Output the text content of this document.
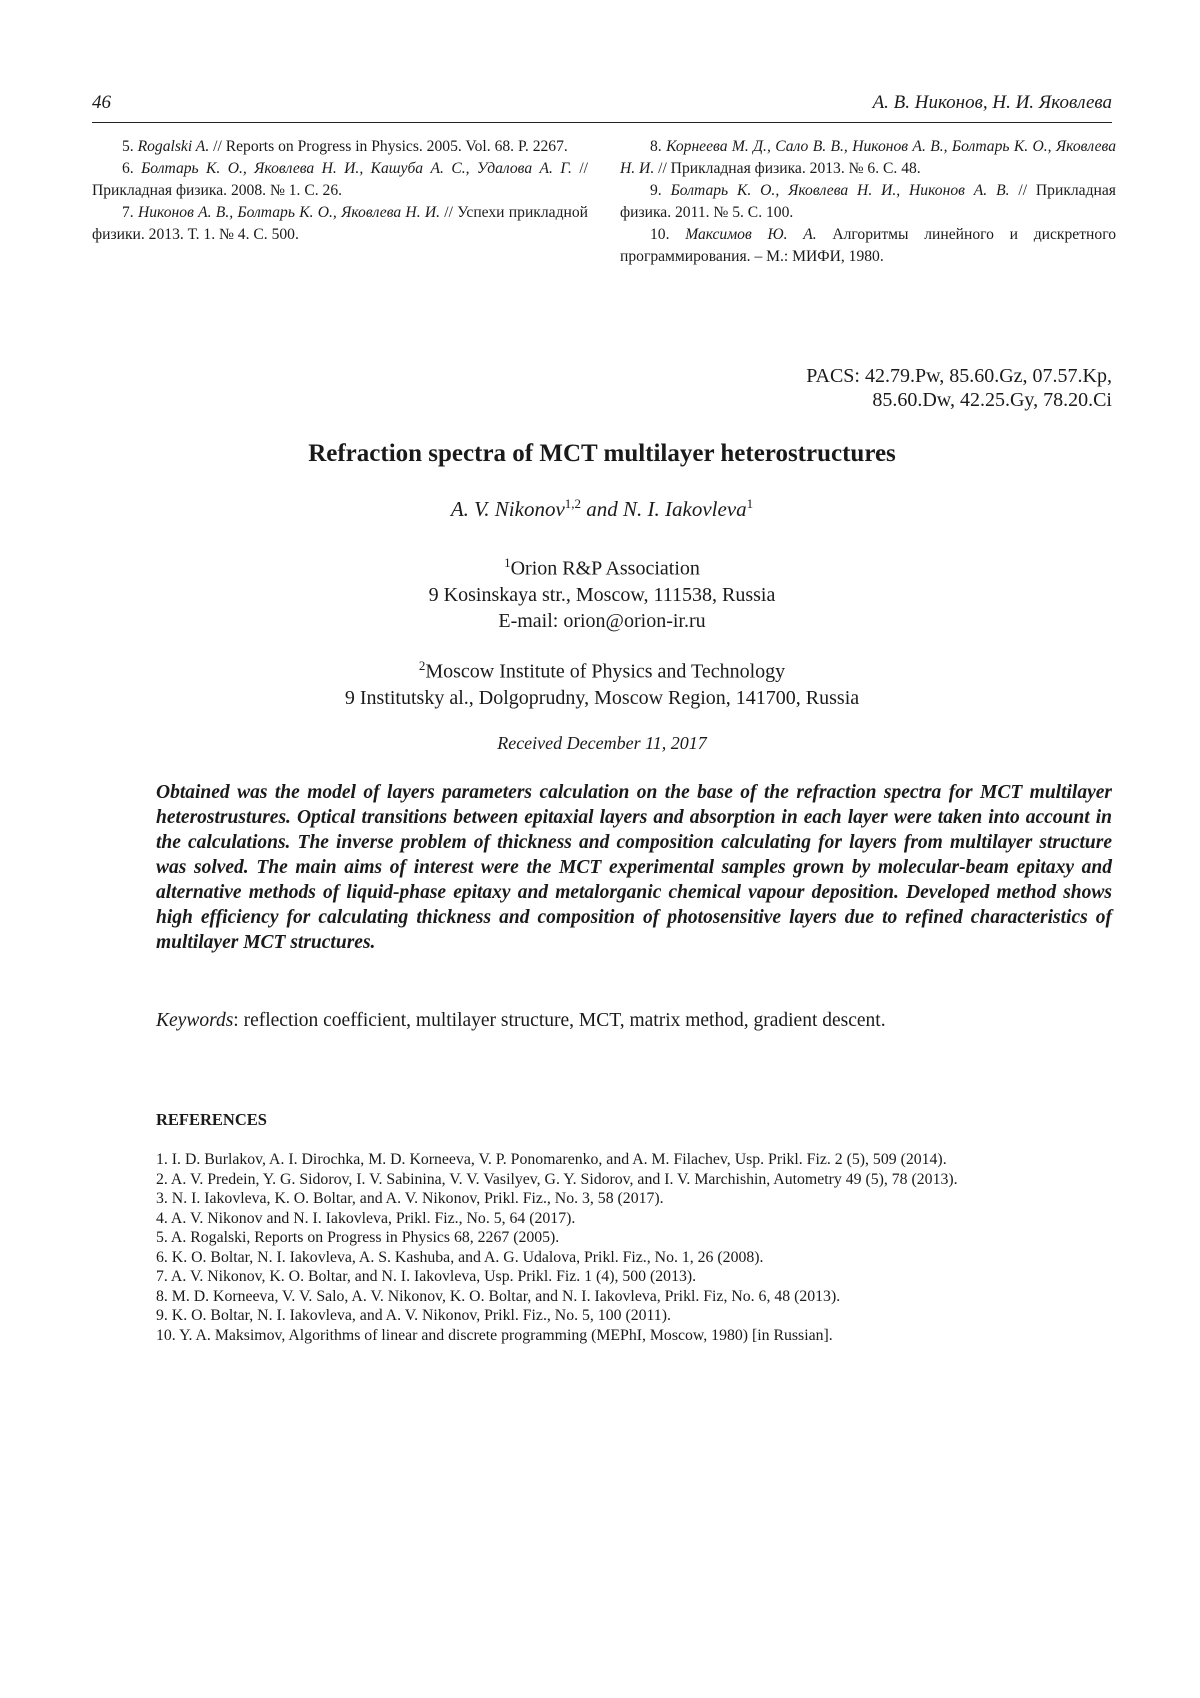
46	А. В. Никонов, Н. И. Яковлева

5. Rogalski A. // Reports on Progress in Physics. 2005. Vol. 68. P. 2267.

6. Болтарь К. О., Яковлева Н. И., Кашуба А. С., Удалова А. Г. // Прикладная физика. 2008. № 1. С. 26.

7. Никонов А. В., Болтарь К. О., Яковлева Н. И. // Успехи прикладной физики. 2013. Т. 1. № 4. С. 500.

8. Корнеева М. Д., Сало В. В., Никонов А. В., Болтарь К. О., Яковлева Н. И. // Прикладная физика. 2013. № 6. С. 48.

9. Болтарь К. О., Яковлева Н. И., Никонов А. В. // Прикладная физика. 2011. № 5. С. 100.

10. Максимов Ю. А. Алгоритмы линейного и дискретного программирования. – М.: МИФИ, 1980.

PACS: 42.79.Pw, 85.60.Gz, 07.57.Kp,
85.60.Dw, 42.25.Gy, 78.20.Ci
Refraction spectra of MCT multilayer heterostructures
A. V. Nikonov1,2 and N. I. Iakovleva1
1Orion R&P Association
9 Kosinskaya str., Moscow, 111538, Russia
E-mail: orion@orion-ir.ru
2Moscow Institute of Physics and Technology
9 Institutsky al., Dolgoprudny, Moscow Region, 141700, Russia
Received December 11, 2017
Obtained was the model of layers parameters calculation on the base of the refraction spectra for MCT multilayer heterostrustures. Optical transitions between epitaxial layers and absorption in each layer were taken into account in the calculations. The inverse problem of thickness and composition calculating for layers from multilayer structure was solved. The main aims of interest were the MCT experimental samples grown by molecular-beam epitaxy and alternative methods of liquid-phase epitaxy and metalorganic chemical vapour deposition. Developed method shows high efficiency for calculating thickness and composition of photosensitive layers due to refined characteristics of multilayer MCT structures.
Keywords: reflection coefficient, multilayer structure, MCT, matrix method, gradient descent.
REFERENCES
1. I. D. Burlakov, A. I. Dirochka, M. D. Korneeva, V. P. Ponomarenko, and A. M. Filachev, Usp. Prikl. Fiz. 2 (5), 509 (2014).
2. A. V. Predein, Y. G. Sidorov, I. V. Sabinina, V. V. Vasilyev, G. Y. Sidorov, and I. V. Marchishin, Autometry 49 (5), 78 (2013).
3. N. I. Iakovleva, K. O. Boltar, and A. V. Nikonov, Prikl. Fiz., No. 3, 58 (2017).
4. A. V. Nikonov and N. I. Iakovleva, Prikl. Fiz., No. 5, 64 (2017).
5. A. Rogalski, Reports on Progress in Physics 68, 2267 (2005).
6. K. O. Boltar, N. I. Iakovleva, A. S. Kashuba, and A. G. Udalova, Prikl. Fiz., No. 1, 26 (2008).
7. A. V. Nikonov, K. O. Boltar, and N. I. Iakovleva, Usp. Prikl. Fiz. 1 (4), 500 (2013).
8. M. D. Korneeva, V. V. Salo, A. V. Nikonov, K. O. Boltar, and N. I. Iakovleva, Prikl. Fiz, No. 6, 48 (2013).
9. K. O. Boltar, N. I. Iakovleva, and A. V. Nikonov, Prikl. Fiz., No. 5, 100 (2011).
10. Y. A. Maksimov, Algorithms of linear and discrete programming (MEPhI, Moscow, 1980) [in Russian].
